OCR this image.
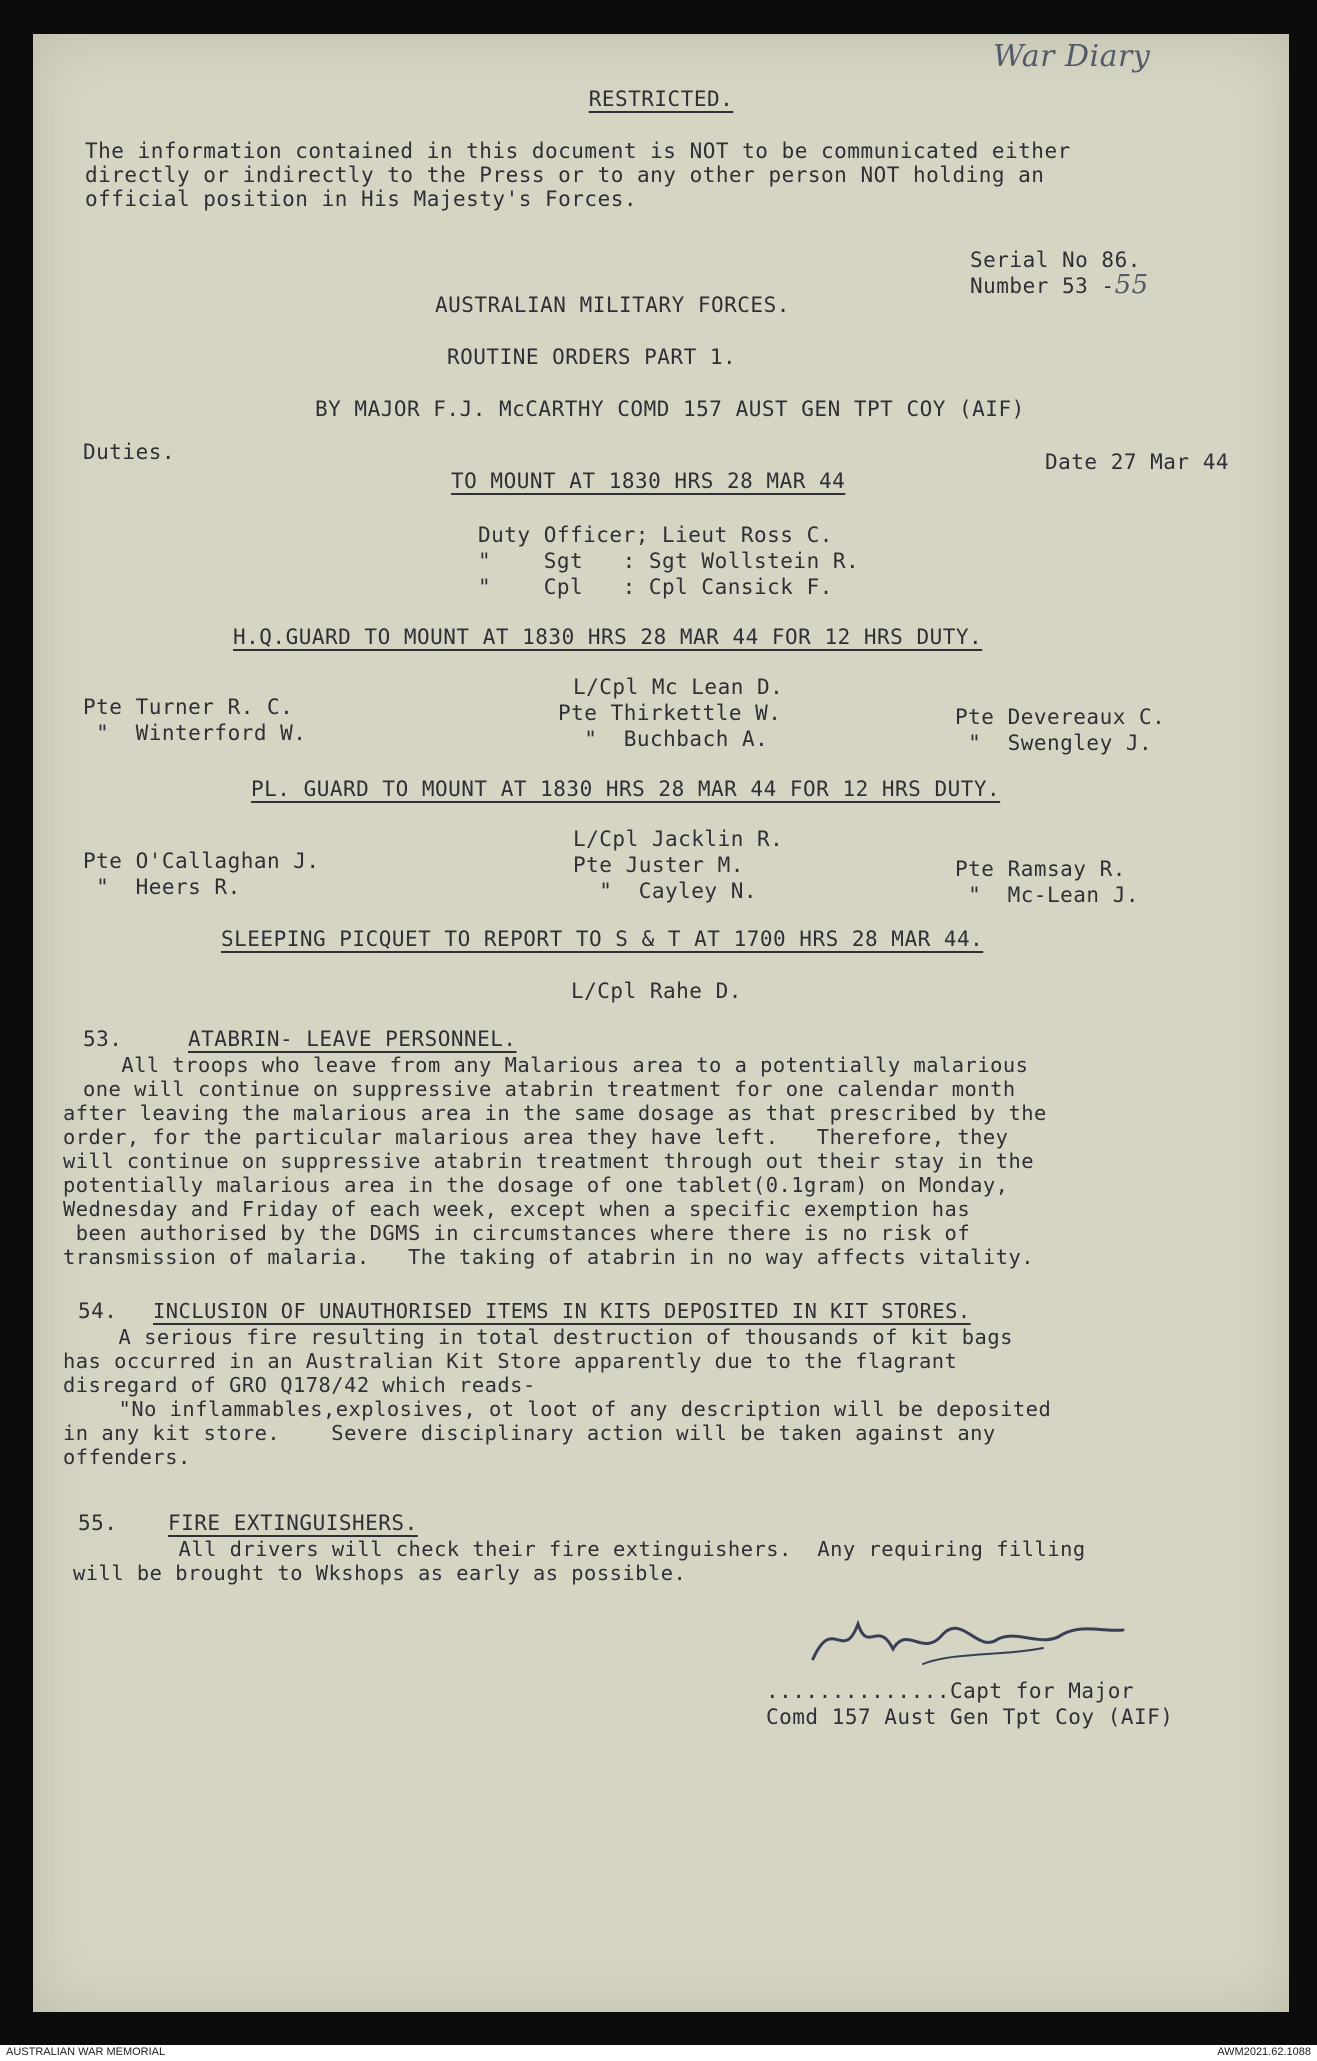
War Diary
RESTRICTED.
The information contained in this document is NOT to be communicated either
directly or indirectly to the Press or to any other person NOT holding an
official position in His Majesty's Forces.
Serial No 86.
Number 53 -55
AUSTRALIAN MILITARY FORCES.
ROUTINE ORDERS PART 1.
BY MAJOR F.J. McCARTHY COMD 157 AUST GEN TPT COY (AIF)
Duties.	Date 27 Mar 44
TO MOUNT AT 1830 HRS 28 MAR 44
Duty Officer; Lieut Ross C.
"    Sgt   : Sgt Wollstein R.
"    Cpl   : Cpl Cansick F.
H.Q.GUARD TO MOUNT AT 1830 HRS 28 MAR 44 FOR 12 HRS DUTY.
L/Cpl Mc Lean D.
Pte Thirkettle W.
"  Buchbach A.
Pte Turner R. C.
"  Winterford W.
Pte Devereaux C.
"  Swengley J.
PL. GUARD TO MOUNT AT 1830 HRS 28 MAR 44 FOR 12 HRS DUTY.
L/Cpl Jacklin R.
Pte Juster M.
"  Cayley N.
Pte O'Callaghan J.
"  Heers R.
Pte Ramsay R.
"  Mc-Lean J.
SLEEPING PICQUET TO REPORT TO S & T AT 1700 HRS 28 MAR 44.
L/Cpl Rahe D.
53.	ATABRIN- LEAVE PERSONNEL.
All troops who leave from any Malarious area to a potentially malarious
one will continue on suppressive atabrin treatment for one calendar month
after leaving the malarious area in the same dosage as that prescribed by the
order, for the particular malarious area they have left.   Therefore, they
will continue on suppressive atabrin treatment through out their stay in the
potentially malarious area in the dosage of one tablet(0.1gram) on Monday,
Wednesday and Friday of each week, except when a specific exemption has
been authorised by the DGMS in circumstances where there is no risk of
transmission of malaria.   The taking of atabrin in no way affects vitality.
54. INCLUSION OF UNAUTHORISED ITEMS IN KITS DEPOSITED IN KIT STORES.
A serious fire resulting in total destruction of thousands of kit bags
has occurred in an Australian Kit Store apparently due to the flagrant
disregard of GRO Q178/42 which reads-
"No inflammables,explosives, ot loot of any description will be deposited
in any kit store.    Severe disciplinary action will be taken against any
offenders.
55. FIRE EXTINGUISHERS.
All drivers will check their fire extinguishers.  Any requiring filling
will be brought to Wkshops as early as possible.
..............Capt for Major
Comd 157 Aust Gen Tpt Coy (AIF)
AUSTRALIAN WAR MEMORIAL	AWM2021.62.1088
